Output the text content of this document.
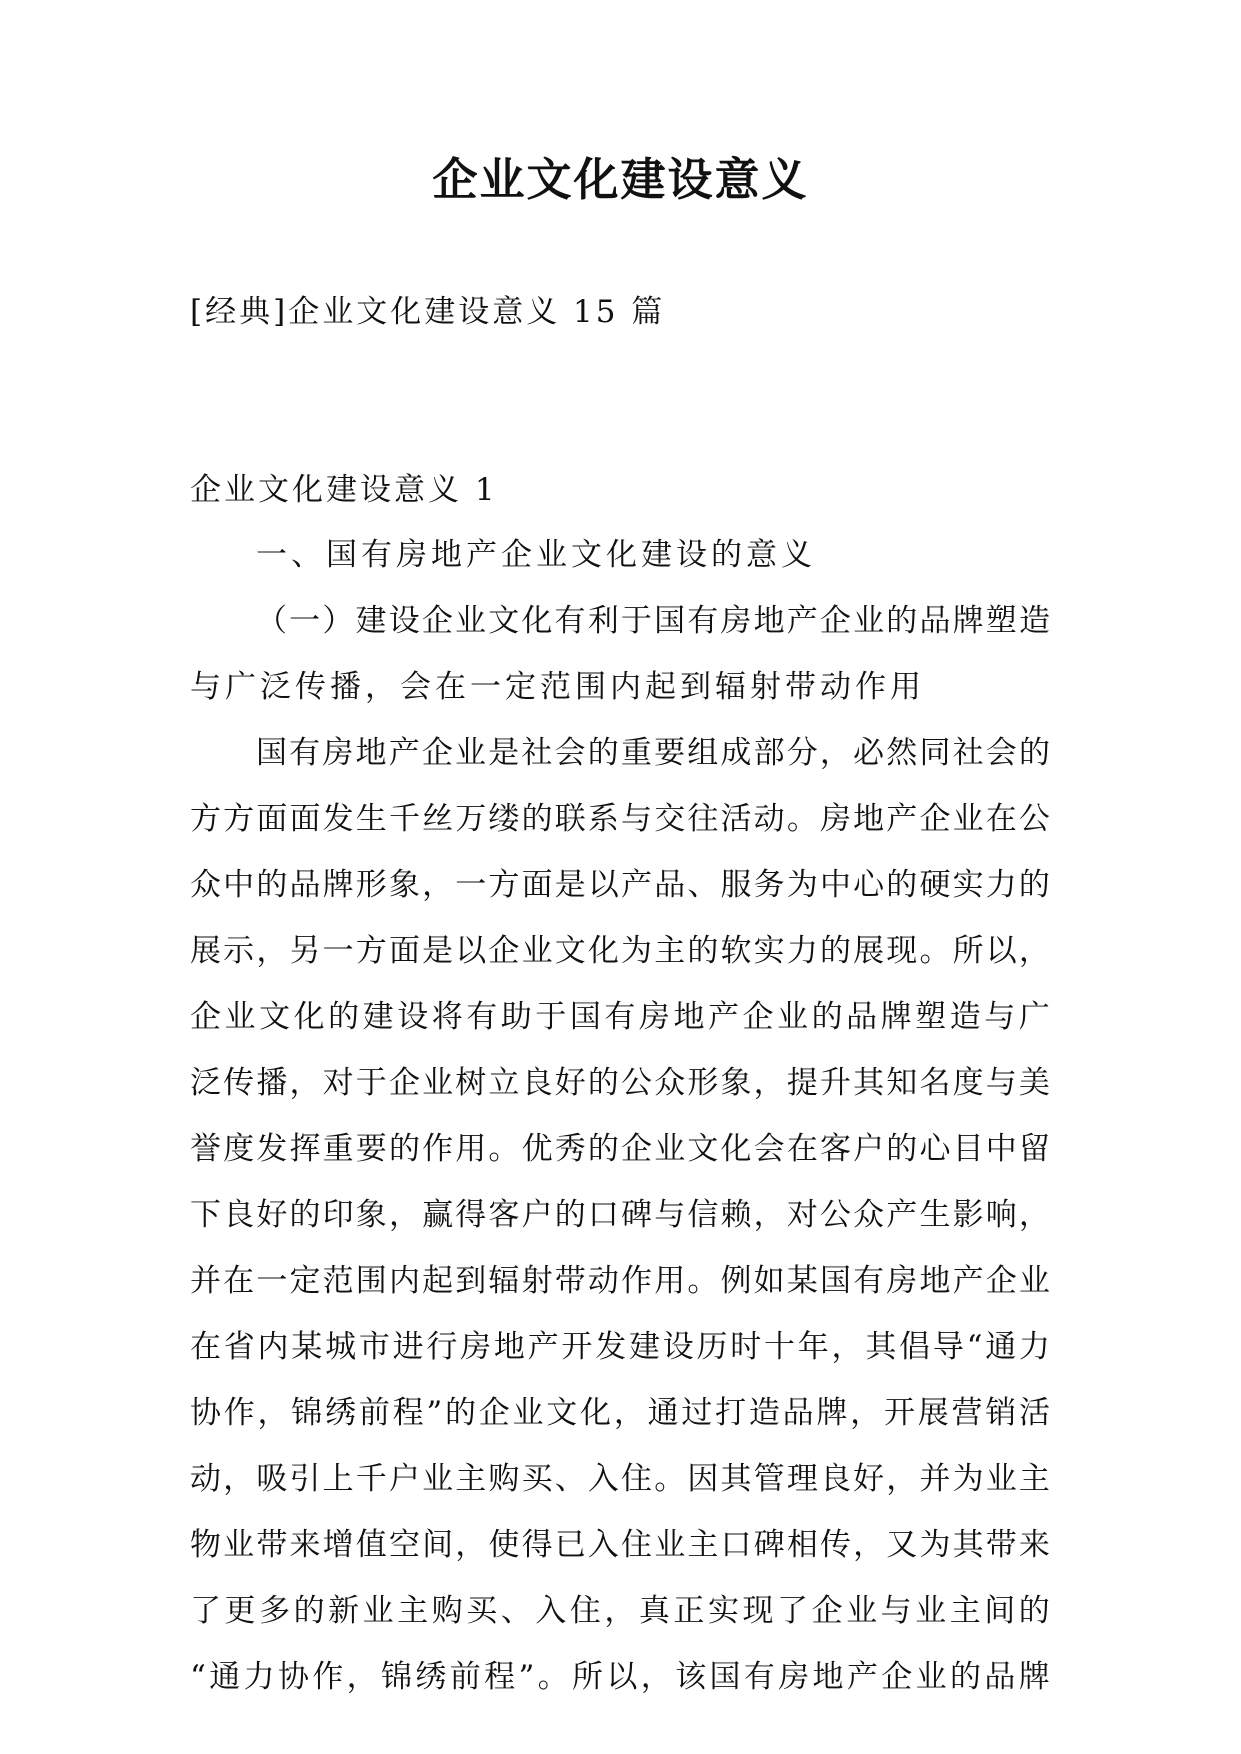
企业文化建设意义
[经典]企业文化建设意义 15 篇
企业文化建设意义 1
一 、 国 有 房 地 产 企 业 文 化 建 设 的 意 义
（ 一 ） 建 设 企 业 文 化 有 利 于 国 有 房 地 产 企 业 的 品 牌 塑 造
与 广 泛 传 播 ， 会 在 一 定 范 围 内 起 到 辐 射 带 动 作 用
国 有 房 地 产 企 业 是 社 会 的 重 要 组 成 部 分 ， 必 然 同 社 会 的
方 方 面 面 发 生 千 丝 万 缕 的 联 系 与 交 往 活 动 。 房 地 产 企 业 在 公
众 中 的 品 牌 形 象 ， 一 方 面 是 以 产 品 、 服 务 为 中 心 的 硬 实 力 的
展 示 ， 另 一 方 面 是 以 企 业 文 化 为 主 的 软 实 力 的 展 现 。 所 以 ，
企 业 文 化 的 建 设 将 有 助 于 国 有 房 地 产 企 业 的 品 牌 塑 造 与 广
泛 传 播 ， 对 于 企 业 树 立 良 好 的 公 众 形 象 ， 提 升 其 知 名 度 与 美
誉 度 发 挥 重 要 的 作 用 。 优 秀 的 企 业 文 化 会 在 客 户 的 心 目 中 留
下 良 好 的 印 象 ， 赢 得 客 户 的 口 碑 与 信 赖 ， 对 公 众 产 生 影 响 ，
并 在 一 定 范 围 内 起 到 辐 射 带 动 作 用 。 例 如 某 国 有 房 地 产 企 业
在 省 内 某 城 市 进 行 房 地 产 开 发 建 设 历 时 十 年 ， 其 倡 导 “ 通 力
协 作 ， 锦 绣 前 程 ” 的 企 业 文 化 ， 通 过 打 造 品 牌 ， 开 展 营 销 活
动 ， 吸 引 上 千 户 业 主 购 买 、 入 住 。 因 其 管 理 良 好 ， 并 为 业 主
物 业 带 来 增 值 空 间 ， 使 得 已 入 住 业 主 口 碑 相 传 ， 又 为 其 带 来
了 更 多 的 新 业 主 购 买 、 入 住 ， 真 正 实 现 了 企 业 与 业 主 间 的
“ 通 力 协 作 ， 锦 绣 前 程 ” 。 所 以 ， 该 国 有 房 地 产 企 业 的 品 牌
